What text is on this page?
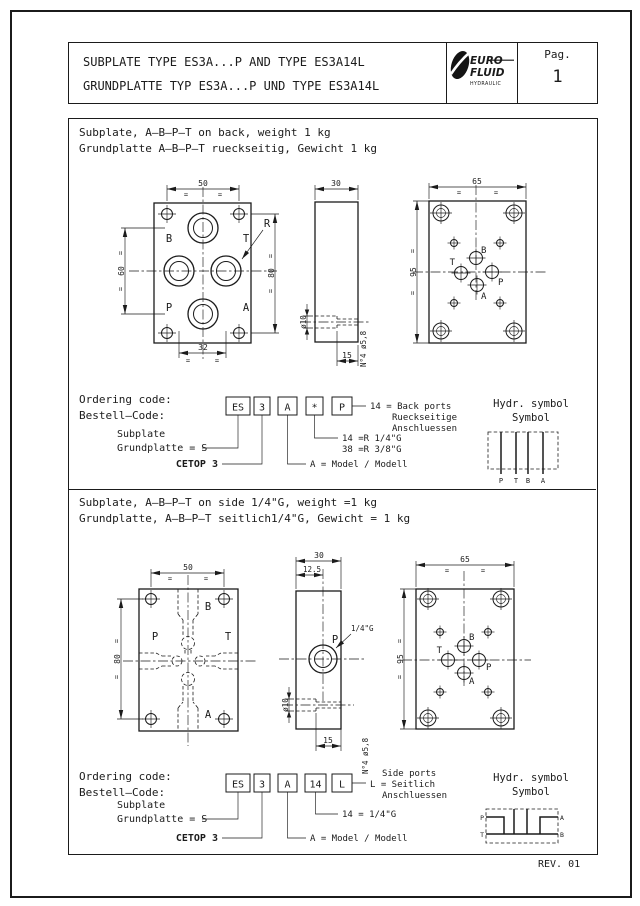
SUBPLATE TYPE ES3A...P AND TYPE ES3A14L
GRUNDPLATTE TYP ES3A...P UND TYPE ES3A14L
EURO
FLUID
HYDRAULIC
Pag.
1
Subplate, A–B–P–T on back, weight 1 kg
Grundplatte A–B–P–T rueckseitig, Gewicht 1 kg
B	T
P	A
R
50
=	=
32
=	=
60
=
=
80
=
=
30
ø10
15 N°4 ø5,8
B
T
P
A
65
=	=
95
=
=
Ordering code:
Bestell–Code:
ES 3 A * P	14 = Back ports
Rueckseitige
Anschluessen
14 =R 1/4"G
38 =R 3/8"G
A = Model / Modell
CETOP 3
Subplate
Grundplatte = S
Hydr. symbol
Symbol
P T B A
Subplate, A–B–P–T on side 1/4"G, weight =1 kg
Grundplatte, A–B–P–T seitlich1/4"G, Gewicht = 1 kg
B
P	T
A
50
=	=
80
=
=
P
1/4"G
30
12.5
ø10
15	N°4 ø5,8
B
T
P
A
65
=	=
95
=
=
Ordering code:
Bestell–Code:
ES 3 A 14 L
Side ports
L = Seitlich
Anschluessen
14 = 1/4"G
A = Model / Modell
CETOP 3
Subplate
Grundplatte = S
Hydr. symbol
Symbol
P
T
A
B
REV. 01
